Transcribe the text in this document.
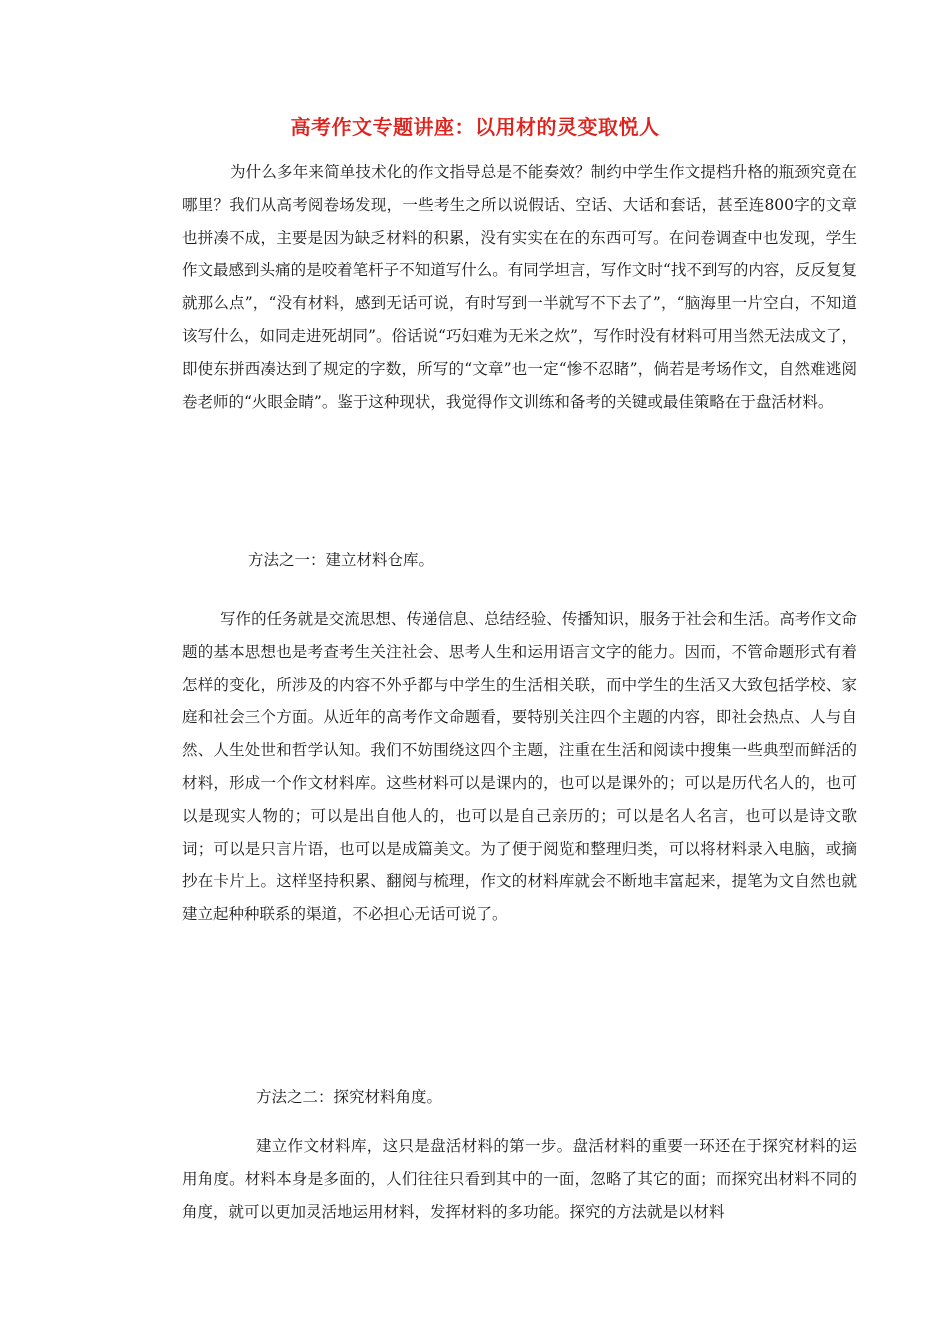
高考作文专题讲座：以用材的灵变取悦人

为什么多年来简单技术化的作文指导总是不能奏效？制约中学生作文提档升格的瓶颈究竟在哪里？我们从高考阅卷场发现，一些考生之所以说假话、空话、大话和套话，甚至连800字的文章也拼凑不成，主要是因为缺乏材料的积累，没有实实在在的东西可写。在问卷调查中也发现，学生作文最感到头痛的是咬着笔杆子不知道写什么。有同学坦言，写作文时“找不到写的内容，反反复复就那么点”，“没有材料，感到无话可说，有时写到一半就写不下去了”，“脑海里一片空白，不知道该写什么，如同走进死胡同”。俗话说“巧妇难为无米之炊”，写作时没有材料可用当然无法成文了，即使东拼西凑达到了规定的字数，所写的“文章”也一定“惨不忍睹”，倘若是考场作文，自然难逃阅卷老师的“火眼金睛”。鉴于这种现状，我觉得作文训练和备考的关键或最佳策略在于盘活材料。

方法之一：建立材料仓库。

写作的任务就是交流思想、传递信息、总结经验、传播知识，服务于社会和生活。高考作文命题的基本思想也是考查考生关注社会、思考人生和运用语言文字的能力。因而，不管命题形式有着怎样的变化，所涉及的内容不外乎都与中学生的生活相关联，而中学生的生活又大致包括学校、家庭和社会三个方面。从近年的高考作文命题看，要特别关注四个主题的内容，即社会热点、人与自然、人生处世和哲学认知。我们不妨围绕这四个主题，注重在生活和阅读中搜集一些典型而鲜活的材料，形成一个作文材料库。这些材料可以是课内的，也可以是课外的；可以是历代名人的，也可以是现实人物的；可以是出自他人的，也可以是自己亲历的；可以是名人名言，也可以是诗文歌词；可以是只言片语，也可以是成篇美文。为了便于阅览和整理归类，可以将材料录入电脑，或摘抄在卡片上。这样坚持积累、翻阅与梳理，作文的材料库就会不断地丰富起来，提笔为文自然也就建立起种种联系的渠道，不必担心无话可说了。

方法之二：探究材料角度。

建立作文材料库，这只是盘活材料的第一步。盘活材料的重要一环还在于探究材料的运用角度。材料本身是多面的，人们往往只看到其中的一面，忽略了其它的面；而探究出材料不同的角度，就可以更加灵活地运用材料，发挥材料的多功能。探究的方法就是以材料
